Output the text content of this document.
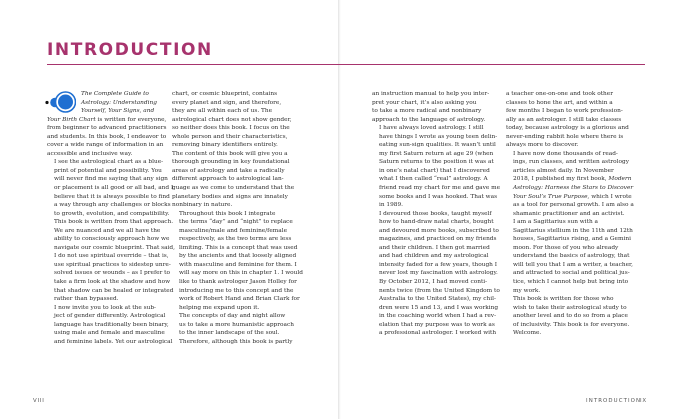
INTRODUCTION

The Complete Guide to
Astrology: Understanding
Yourself, Your Signs, and
Your Birth Chart is written for everyone,
from beginner to advanced practitioners
and students. In this book, I endeavor to
cover a wide range of information in an
accessible and inclusive way.

I see the astrological chart as a blue-
print of potential and possibility. You
will never find me saying that any sign
or placement is all good or all bad, and I
believe that it is always possible to find
a way through any challenges or blocks
to growth, evolution, and compatibility.
This book is written from that approach.
We are nuanced and we all have the
ability to consciously approach how we
navigate our cosmic blueprint. That said,
I do not use spiritual override – that is,
use spiritual practices to sidestep unre-
solved issues or wounds – as I prefer to
take a firm look at the shadow and how
that shadow can be healed or integrated
rather than bypassed.

I now invite you to look at the sub-
ject of gender differently. Astrological
language has traditionally been binary,
using male and female and masculine
and feminine labels. Yet our astrological

chart, or cosmic blueprint, contains
every planet and sign, and therefore,
they are all within each of us. The
astrological chart does not show gender,
so neither does this book. I focus on the
whole person and their characteristics,
removing binary identifiers entirely.
The content of this book will give you a
thorough grounding in key foundational
areas of astrology and take a radically
different approach to astrological lan-
guage as we come to understand that the
planetary bodies and signs are innately
nonbinary in nature.

Throughout this book I integrate
the terms “day” and “night” to replace
masculine/male and feminine/female
respectively, as the two terms are less
limiting. This is a concept that was used
by the ancients and that loosely aligned
with masculine and feminine for them. I
will say more on this in chapter 1. I would
like to thank astrologer Jason Holley for
introducing me to this concept and the
work of Robert Hand and Brian Clark for
helping me expand upon it.

The concepts of day and night allow
us to take a more humanistic approach
to the inner landscape of the soul.
Therefore, although this book is partly

an instruction manual to help you inter-
pret your chart, it’s also asking you
to take a more radical and nonbinary
approach to the language of astrology.

I have always loved astrology. I still
have things I wrote as young teen delin-
eating sun-sign qualities. It wasn’t until
my first Saturn return at age 29 (when
Saturn returns to the position it was at
in one’s natal chart) that I discovered
what I then called “real” astrology. A
friend read my chart for me and gave me
some books and I was hooked. That was
in 1989.

I devoured those books, taught myself
how to hand-draw natal charts, bought
and devoured more books, subscribed to
magazines, and practiced on my friends
and their children. I then got married
and had children and my astrological
intensity faded for a few years, though I
never lost my fascination with astrology.

By October 2012, I had moved conti-
nents twice (from the United Kingdom to
Australia to the United States), my chil-
dren were 15 and 13, and I was working
in the coaching world when I had a rev-
elation that my purpose was to work as
a professional astrologer. I worked with

a teacher one-on-one and took other
classes to hone the art, and within a
few months I began to work profession-
ally as an astrologer. I still take classes
today, because astrology is a glorious and
never-ending rabbit hole where there is
always more to discover.

I have now done thousands of read-
ings, run classes, and written astrology
articles almost daily. In November
2018, I published my first book, Modern
Astrology: Harness the Stars to Discover
Your Soul’s True Purpose, which I wrote
as a tool for personal growth. I am also a
shamanic practitioner and an activist.

I am a Sagittarius sun with a
Sagittarius stellium in the 11th and 12th
houses, Sagittarius rising, and a Gemini
moon. For those of you who already
understand the basics of astrology, that
will tell you that I am a writer, a teacher,
and attracted to social and political jus-
tice, which I cannot help but bring into
my work.

This book is written for those who
wish to take their astrological study to
another level and to do so from a place
of inclusivity. This book is for everyone.
Welcome.

VIII	INTRODUCTION
IX
